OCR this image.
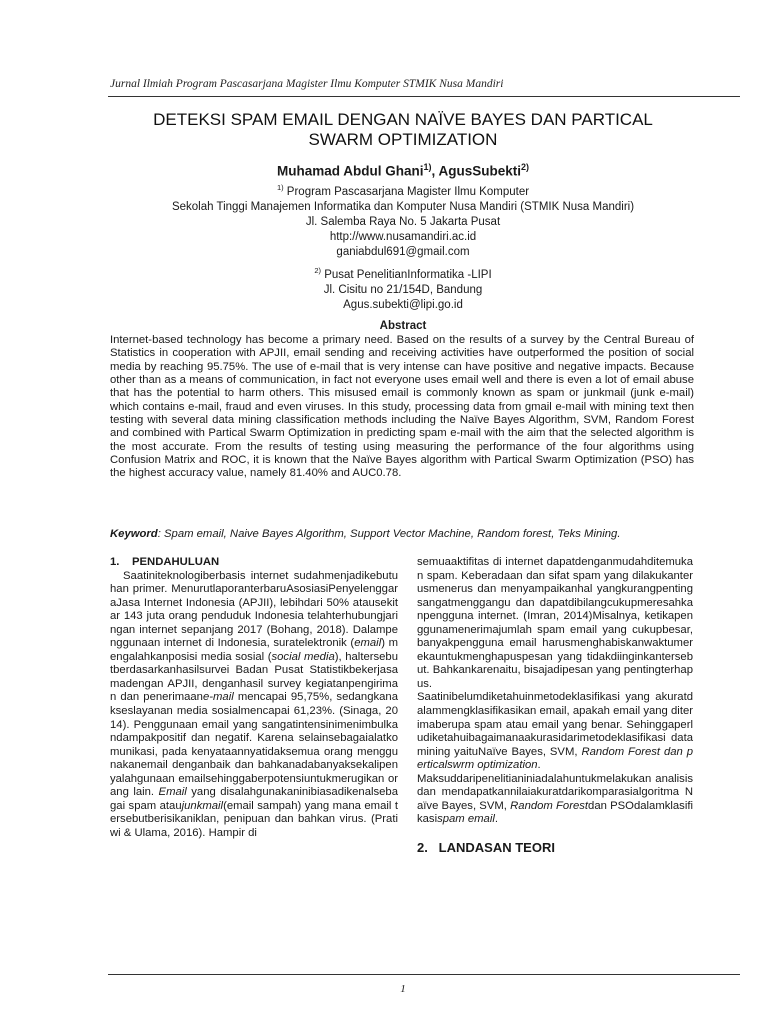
Jurnal Ilmiah Program Pascasarjana Magister Ilmu Komputer STMIK Nusa Mandiri
DETEKSI SPAM EMAIL DENGAN NAÏVE BAYES DAN PARTICAL
SWARM OPTIMIZATION
Muhamad Abdul Ghani$^{1)}$, AgusSubekti$^{2)}$
$^{1)}$ Program Pascasarjana Magister Ilmu Komputer
Sekolah Tinggi Manajemen Informatika dan Komputer Nusa Mandiri (STMIK Nusa Mandiri)
Jl. Salemba Raya No. 5 Jakarta Pusat
http://www.nusamandiri.ac.id
ganiabdul691@gmail.com
$^{2)}$ Pusat PenelitianInformatika -LIPI
Jl. Cisitu no 21/154D, Bandung
Agus.subekti@lipi.go.id
Abstract

Internet-based technology has become a primary need. Based on the results of a survey by the Central Bureau of Statistics in cooperation with APJII, email sending and receiving activities have outperformed the position of social media by reaching 95.75%. The use of e-mail that is very intense can have positive and negative impacts. Because other than as a means of communication, in fact not everyone uses email well and there is even a lot of email abuse that has the potential to harm others. This misused email is commonly known as spam or junkmail (junk e-mail) which contains e-mail, fraud and even viruses. In this study, processing data from gmail e-mail with mining text then testing with several data mining classification methods including the Naïve Bayes Algorithm, SVM, Random Forest and combined with Partical Swarm Optimization in predicting spam e-mail with the aim that the selected algorithm is the most accurate. From the results of testing using measuring the performance of the four algorithms using Confusion Matrix and ROC, it is known that the Naïve Bayes algorithm with Partical Swarm Optimization (PSO) has the highest accuracy value, namely 81.40% and AUC0.78.

Keyword: Spam email, Naive Bayes Algorithm, Support Vector Machine, Random forest, Teks Mining.
1.    PENDAHULUAN

Saatiniteknologiberbasis internet sudahmenjadikebutuhan primer. MenurutlaporanterbaruAsosiasiPenyelenggaraJasa Internet Indonesia (APJII), lebihdari 50% atausekitar 143 juta orang penduduk Indonesia telahterhubungjaringan internet sepanjang 2017 (Bohang, 2018). Dalampenggunaan internet di Indonesia, suratelektronik (email) mengalahkanposisi media sosial (social media), haltersebutberdasarkanhasilsurvei Badan Pusat Statistikbekerjasamadengan APJII, denganhasil survey kegiatanpengiriman dan penerimaane-mail mencapai 95,75%, sedangkanakseslayanan media sosialmencapai 61,23%. (Sinaga, 2014). Penggunaan email yang sangatintensinimenimbulkandampakpositif dan negatif. Karena selainsebagaialatkomunikasi, pada kenyataannyatidaksemua orang menggunakanemail denganbaik dan bahkanadabanyaksekalipenyalahgunaan emailsehinggaberpotensiuntukmerugikan orang lain. Email yang disalahgunakaninibiasadikenalsebagai spam ataujunkmail(email sampah) yang mana email tersebutberisikaniklan, penipuan dan bahkan virus. (Pratiwi & Ulama, 2016). Hampir di

semuaaktifitas di internet dapatdenganmudahditemukan spam. Keberadaan dan sifat spam yang dilakukanterusmenerus dan menyampaikanhal yangkurangpentingsangatmenggangu dan dapatdibilangcukupmeresahkanpengguna internet. (Imran, 2014)Misalnya, ketikapenggunamenerimajumlah spam email yang cukupbesar, banyakpengguna email harusmenghabiskanwaktumerekauntukmenghapuspesan yang tidakdiinginkantersebut. Bahkankarenaitu, bisajadipesan yang pentingterhapus.

Saatinibelumdiketahuinmetodeklasifikasi yang akuratdalammengklasifikasikan email, apakah email yang diterimaberupa spam atau email yang benar. Sehinggaperludiketahuibagaimanaakurasidarimetodeklasifikasi data mining yaituNaïve Bayes, SVM, Random Forest dan perticalswrm optimization.

Maksuddaripenelitianiniadalahuntukmelakukan analisis dan mendapatkannilaiakuratdarikomparasialgoritma Naïve Bayes, SVM, Random Forestdan PSOdalamklasifikasispam email.

2.   LANDASAN TEORI
1
